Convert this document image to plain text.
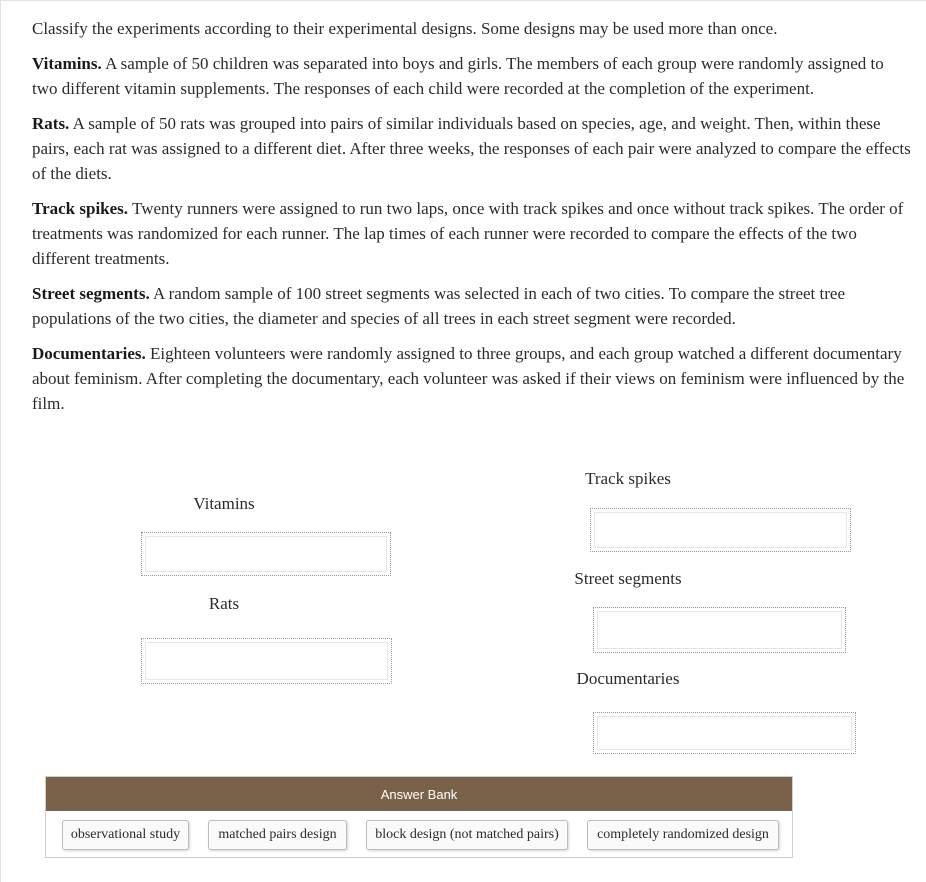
Classify the experiments according to their experimental designs. Some designs may be used more than once.

Vitamins. A sample of 50 children was separated into boys and girls. The members of each group were randomly assigned to two different vitamin supplements. The responses of each child were recorded at the completion of the experiment.

Rats. A sample of 50 rats was grouped into pairs of similar individuals based on species, age, and weight. Then, within these pairs, each rat was assigned to a different diet. After three weeks, the responses of each pair were analyzed to compare the effects of the diets.

Track spikes. Twenty runners were assigned to run two laps, once with track spikes and once without track spikes. The order of treatments was randomized for each runner. The lap times of each runner were recorded to compare the effects of the two different treatments.

Street segments. A random sample of 100 street segments was selected in each of two cities. To compare the street tree populations of the two cities, the diameter and species of all trees in each street segment were recorded.

Documentaries. Eighteen volunteers were randomly assigned to three groups, and each group watched a different documentary about feminism. After completing the documentary, each volunteer was asked if their views on feminism were influenced by the film.

Vitamins
Rats
Track spikes
Street segments
Documentaries
Answer Bank
observational study	matched pairs design	block design (not matched pairs)	completely randomized design
